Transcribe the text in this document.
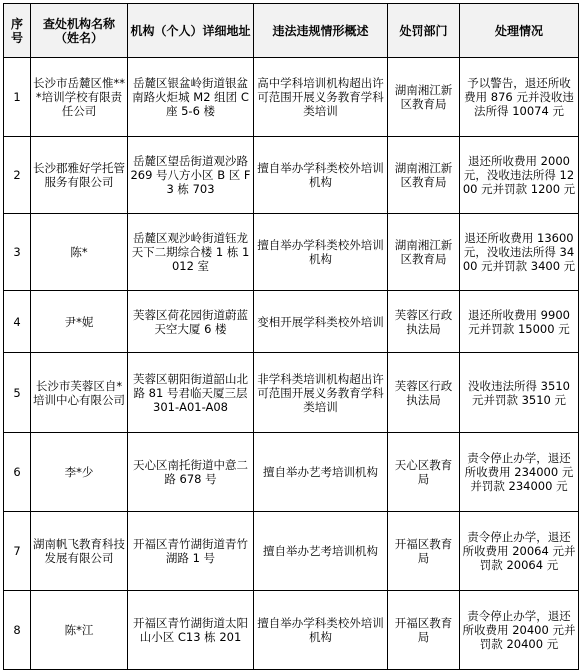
序号	查处机构名称（姓名）	机构（个人）详细地址	违法违规情形概述	处罚部门	处理情况
1	长沙市岳麓区惟***培训学校有限责任公司	岳麓区银盆岭街道银盆南路火炬城 M2 组团 C 座 5-6 楼	高中学科培训机构超出许可范围开展义务教育学科类培训	湖南湘江新区教育局	予以警告，退还所收费用 876 元并没收违法所得 10074 元
2	长沙郡雅好学托管服务有限公司	岳麓区望岳街道观沙路 269 号八方小区 B 区 F3 栋 703	擅自举办学科类校外培训机构	湖南湘江新区教育局	退还所收费用 2000 元，没收违法所得 1200 元并罚款 1200 元
3	陈*	岳麓区观沙岭街道钰龙天下二期综合楼 1 栋 1012 室	擅自举办学科类校外培训机构	湖南湘江新区教育局	退还所收费用 13600 元，没收违法所得 3400 元并罚款 3400 元
4	尹*妮	芙蓉区荷花园街道蔚蓝天空大厦 6 楼	变相开展学科类校外培训	芙蓉区行政执法局	退还所收费用 9900 元并罚款 15000 元
5	长沙市芙蓉区自*培训中心有限公司	芙蓉区朝阳街道韶山北路 81 号君临天厦三层 301-A01-A08	非学科类培训机构超出许可范围开展义务教育学科类培训	芙蓉区行政执法局	没收违法所得 3510 元并罚款 3510 元
6	李*少	天心区南托街道中意二路 678 号	擅自举办艺考培训机构	天心区教育局	责令停止办学，退还所收费用 234000 元并罚款 234000 元
7	湖南帆飞教育科技发展有限公司	开福区青竹湖街道青竹湖路 1 号	擅自举办艺考培训机构	开福区教育局	责令停止办学，退还所收费用 20064 元并罚款 20064 元
8	陈*江	开福区青竹湖街道太阳山小区 C13 栋 201	擅自举办学科类校外培训机构	开福区教育局	责令停止办学，退还所收费用 20400 元并罚款 20400 元
